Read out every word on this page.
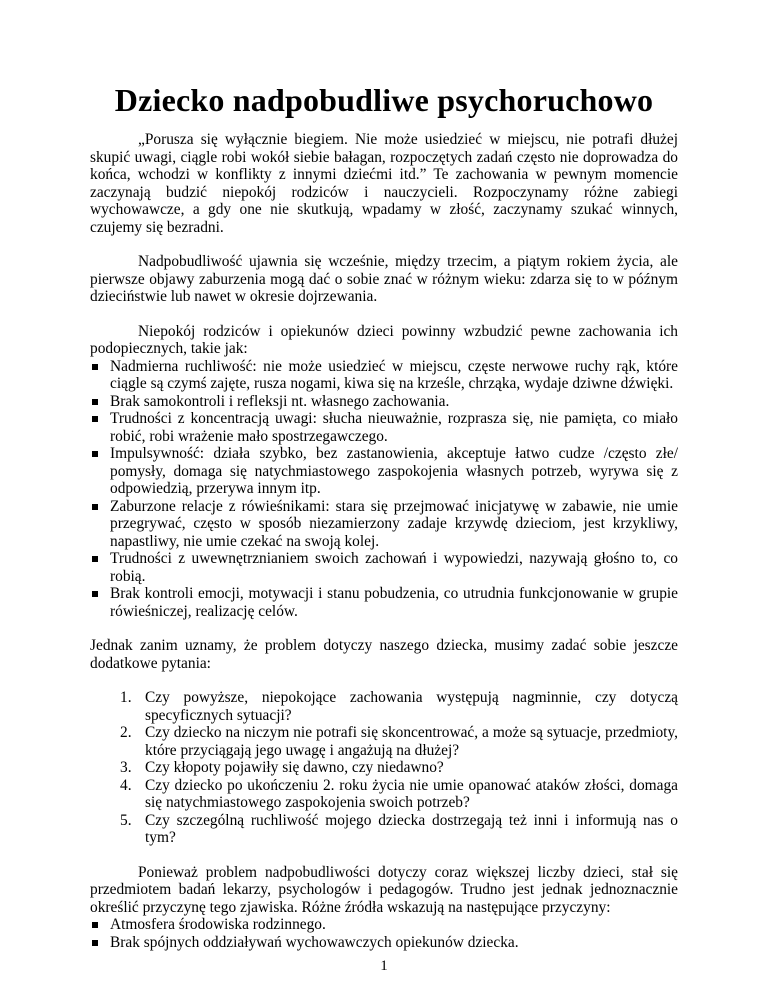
Dziecko nadpobudliwe psychoruchowo

„Porusza się wyłącznie biegiem. Nie może usiedzieć w miejscu, nie potrafi dłużej skupić uwagi, ciągle robi wokół siebie bałagan, rozpoczętych zadań często nie doprowadza do końca, wchodzi w konflikty z innymi dziećmi itd.” Te zachowania w pewnym momencie zaczynają budzić niepokój rodziców i nauczycieli. Rozpoczynamy różne zabiegi wychowawcze, a gdy one nie skutkują, wpadamy w złość, zaczynamy szukać winnych, czujemy się bezradni.

Nadpobudliwość ujawnia się wcześnie, między trzecim, a piątym rokiem życia, ale pierwsze objawy zaburzenia mogą dać o sobie znać w różnym wieku: zdarza się to w późnym dzieciństwie lub nawet w okresie dojrzewania.

Niepokój rodziców i opiekunów dzieci powinny wzbudzić pewne zachowania ich podopiecznych, takie jak:

Nadmierna ruchliwość: nie może usiedzieć w miejscu, częste nerwowe ruchy rąk, które ciągle są czymś zajęte, rusza nogami, kiwa się na krześle, chrząka, wydaje dziwne dźwięki.
Brak samokontroli i refleksji nt. własnego zachowania.
Trudności z koncentracją uwagi: słucha nieuważnie, rozprasza się, nie pamięta, co miało robić, robi wrażenie mało spostrzegawczego.
Impulsywność: działa szybko, bez zastanowienia, akceptuje łatwo cudze /często złe/ pomysły, domaga się natychmiastowego zaspokojenia własnych potrzeb, wyrywa się z odpowiedzią, przerywa innym itp.
Zaburzone relacje z rówieśnikami: stara się przejmować inicjatywę w zabawie, nie umie przegrywać, często w sposób niezamierzony zadaje krzywdę dzieciom, jest krzykliwy, napastliwy, nie umie czekać na swoją kolej.
Trudności z uwewnętrznianiem swoich zachowań i wypowiedzi, nazywają głośno to, co robią.
Brak kontroli emocji, motywacji i stanu pobudzenia, co utrudnia funkcjonowanie w grupie rówieśniczej, realizację celów.

Jednak zanim uznamy, że problem dotyczy naszego dziecka, musimy zadać sobie jeszcze dodatkowe pytania:

1. Czy powyższe, niepokojące zachowania występują nagminnie, czy dotyczą specyficznych sytuacji?
2. Czy dziecko na niczym nie potrafi się skoncentrować, a może są sytuacje, przedmioty, które przyciągają jego uwagę i angażują na dłużej?
3. Czy kłopoty pojawiły się dawno, czy niedawno?
4. Czy dziecko po ukończeniu 2. roku życia nie umie opanować ataków złości, domaga się natychmiastowego zaspokojenia swoich potrzeb?
5. Czy szczególną ruchliwość mojego dziecka dostrzegają też inni i informują nas o tym?

Ponieważ problem nadpobudliwości dotyczy coraz większej liczby dzieci, stał się przedmiotem badań lekarzy, psychologów i pedagogów. Trudno jest jednak jednoznacznie określić przyczynę tego zjawiska. Różne źródła wskazują na następujące przyczyny:

Atmosfera środowiska rodzinnego.
Brak spójnych oddziaływań wychowawczych opiekunów dziecka.
1
